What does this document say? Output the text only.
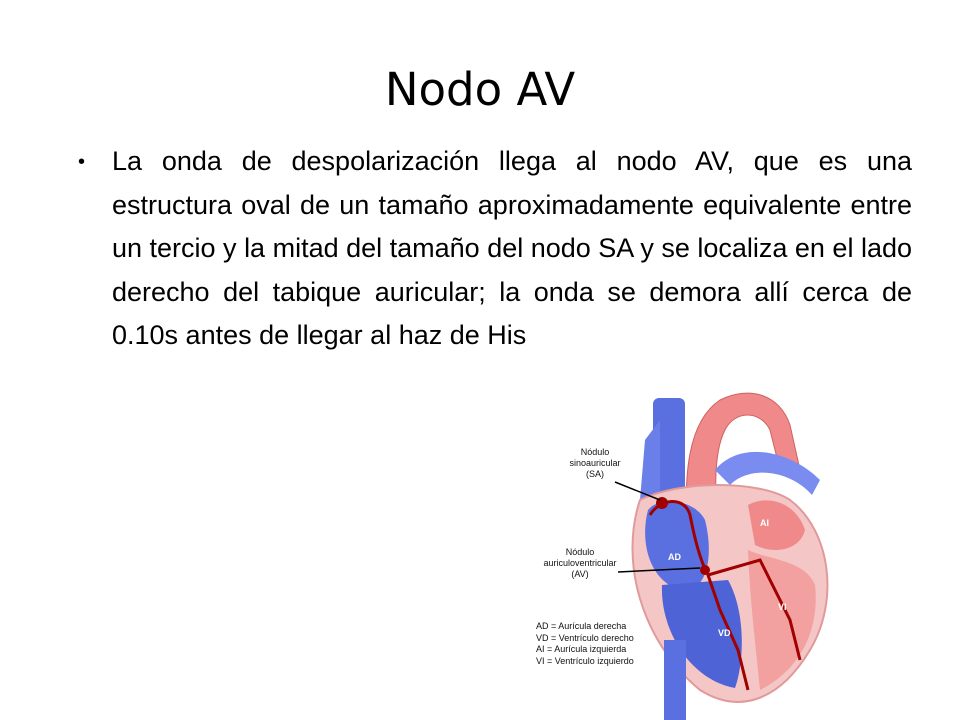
Nodo AV
• La onda de despolarización llega al nodo AV, que es una estructura oval de un tamaño aproximadamente equivalente entre un tercio y la mitad del tamaño del nodo SA y se localiza en el lado derecho del tabique auricular; la onda se demora allí cerca de 0.10s antes de llegar al haz de His
Nódulo
sinoauricular
(SA)
Nódulo
auriculoventricular
(AV)
AD
AI
VD
VI
AD = Aurícula derecha
VD = Ventrículo derecho
AI = Aurícula izquierda
VI = Ventrículo izquierdo
